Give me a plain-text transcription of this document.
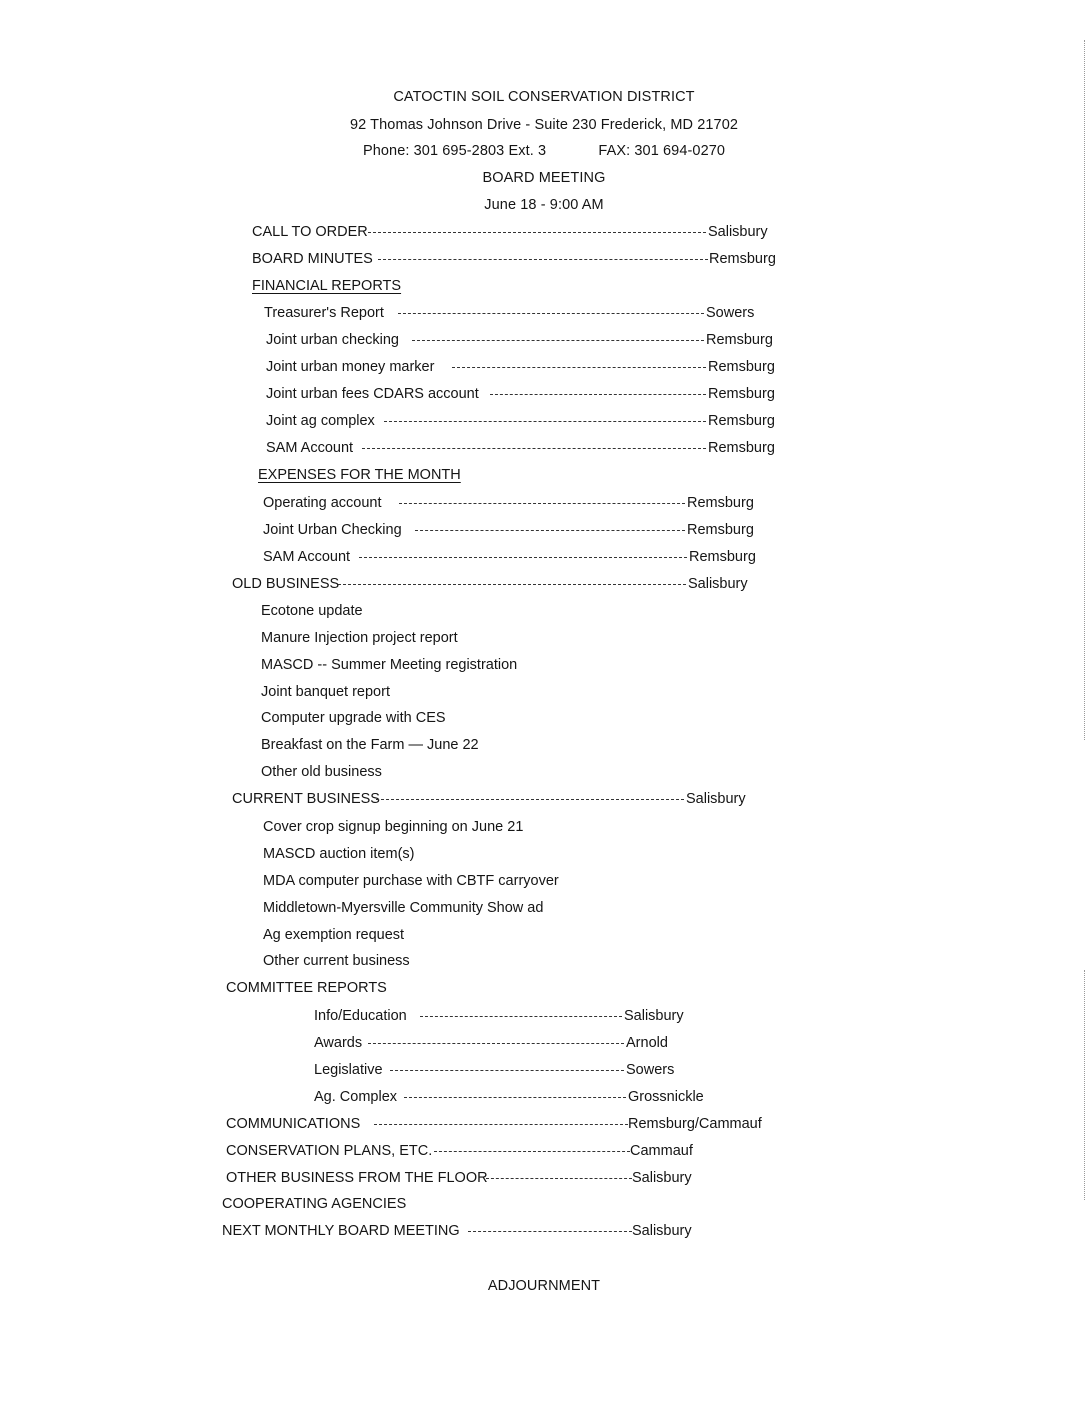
CATOCTIN SOIL CONSERVATION DISTRICT
92 Thomas Johnson Drive - Suite 230 Frederick, MD 21702
Phone: 301 695-2803 Ext. 3	FAX: 301 694-0270
BOARD MEETING
June 18 - 9:00 AM
CALL TO ORDER	Salisbury
BOARD MINUTES	Remsburg
FINANCIAL REPORTS
Treasurer's Report	Sowers
Joint urban checking	Remsburg
Joint urban money marker	Remsburg
Joint urban fees CDARS account	Remsburg
Joint ag complex	Remsburg
SAM Account	Remsburg
EXPENSES FOR THE MONTH
Operating account	Remsburg
Joint Urban Checking	Remsburg
SAM Account	Remsburg
OLD BUSINESS	Salisbury
Ecotone update
Manure Injection project report
MASCD -- Summer Meeting registration
Joint banquet report
Computer upgrade with CES
Breakfast on the Farm — June 22
Other old business
CURRENT BUSINESS	Salisbury
Cover crop signup beginning on June 21
MASCD auction item(s)
MDA computer purchase with CBTF carryover
Middletown-Myersville Community Show ad
Ag exemption request
Other current business
COMMITTEE REPORTS
Info/Education	Salisbury
Awards	Arnold
Legislative	Sowers
Ag. Complex	Grossnickle
COMMUNICATIONS	Remsburg/Cammauf
CONSERVATION PLANS, ETC.	Cammauf
OTHER BUSINESS FROM THE FLOOR	Salisbury
COOPERATING AGENCIES
NEXT MONTHLY BOARD MEETING	Salisbury
ADJOURNMENT
